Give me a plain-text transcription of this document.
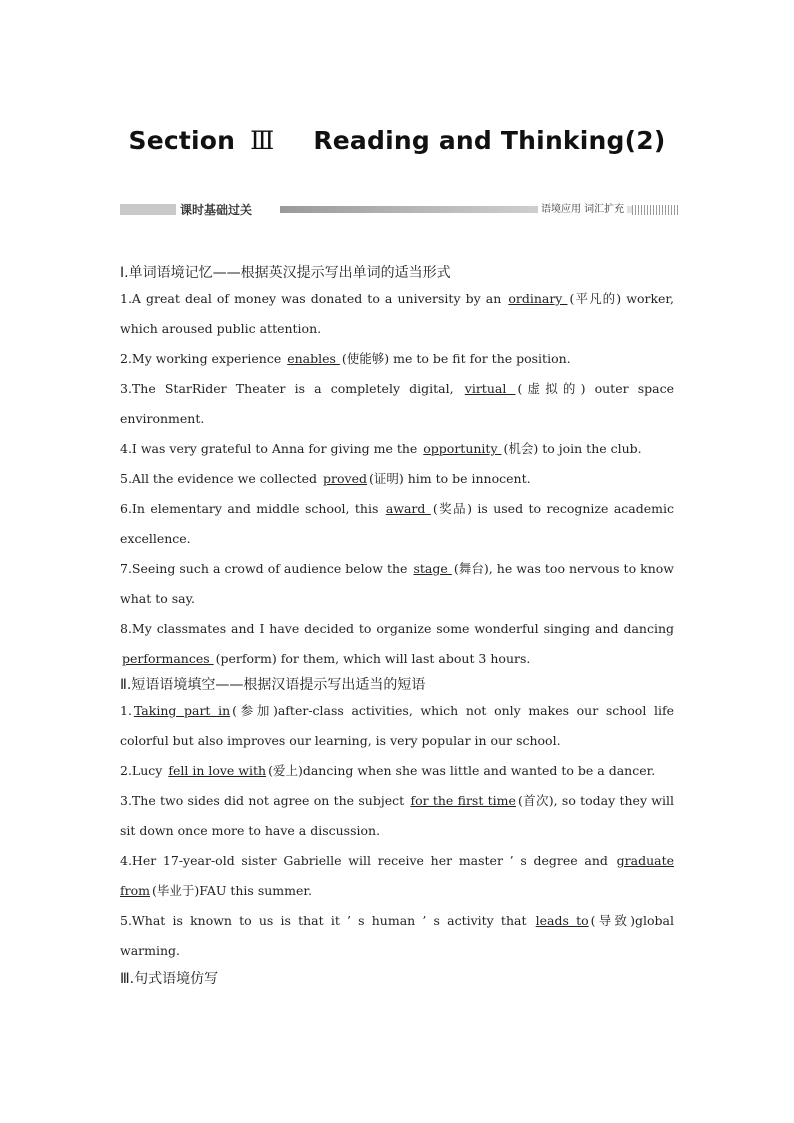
Section Ⅲ Reading and Thinking(2)
课时基础过关	语境应用 词汇扩充

Ⅰ.单词语境记忆——根据英汉提示写出单词的适当形式

1.A great deal of money was donated to a university by an ordinary (平凡的) worker, which aroused public attention.

2.My working experience enables (使能够) me to be fit for the position.

3.The StarRider Theater is a completely digital, virtual (虚拟的) outer space environment.

4.I was very grateful to Anna for giving me the opportunity (机会) to join the club.

5.All the evidence we collected proved (证明) him to be innocent.

6.In elementary and middle school, this award (奖品) is used to recognize academic excellence.

7.Seeing such a crowd of audience below the stage (舞台), he was too nervous to know what to say.

8.My classmates and I have decided to organize some wonderful singing and dancing performances (perform) for them, which will last about 3 hours.

Ⅱ.短语语境填空——根据汉语提示写出适当的短语

1. Taking part in (参加)after-class activities, which not only makes our school life colorful but also improves our learning, is very popular in our school.

2.Lucy fell in love with (爱上)dancing when she was little and wanted to be a dancer.

3.The two sides did not agree on the subject for the first time (首次), so today they will sit down once more to have a discussion.

4.Her 17-year-old sister Gabrielle will receive her master ’ s degree and graduate from (毕业于)FAU this summer.

5.What is known to us is that it ’ s human ’ s activity that leads to (导致)global warming.

Ⅲ.句式语境仿写
